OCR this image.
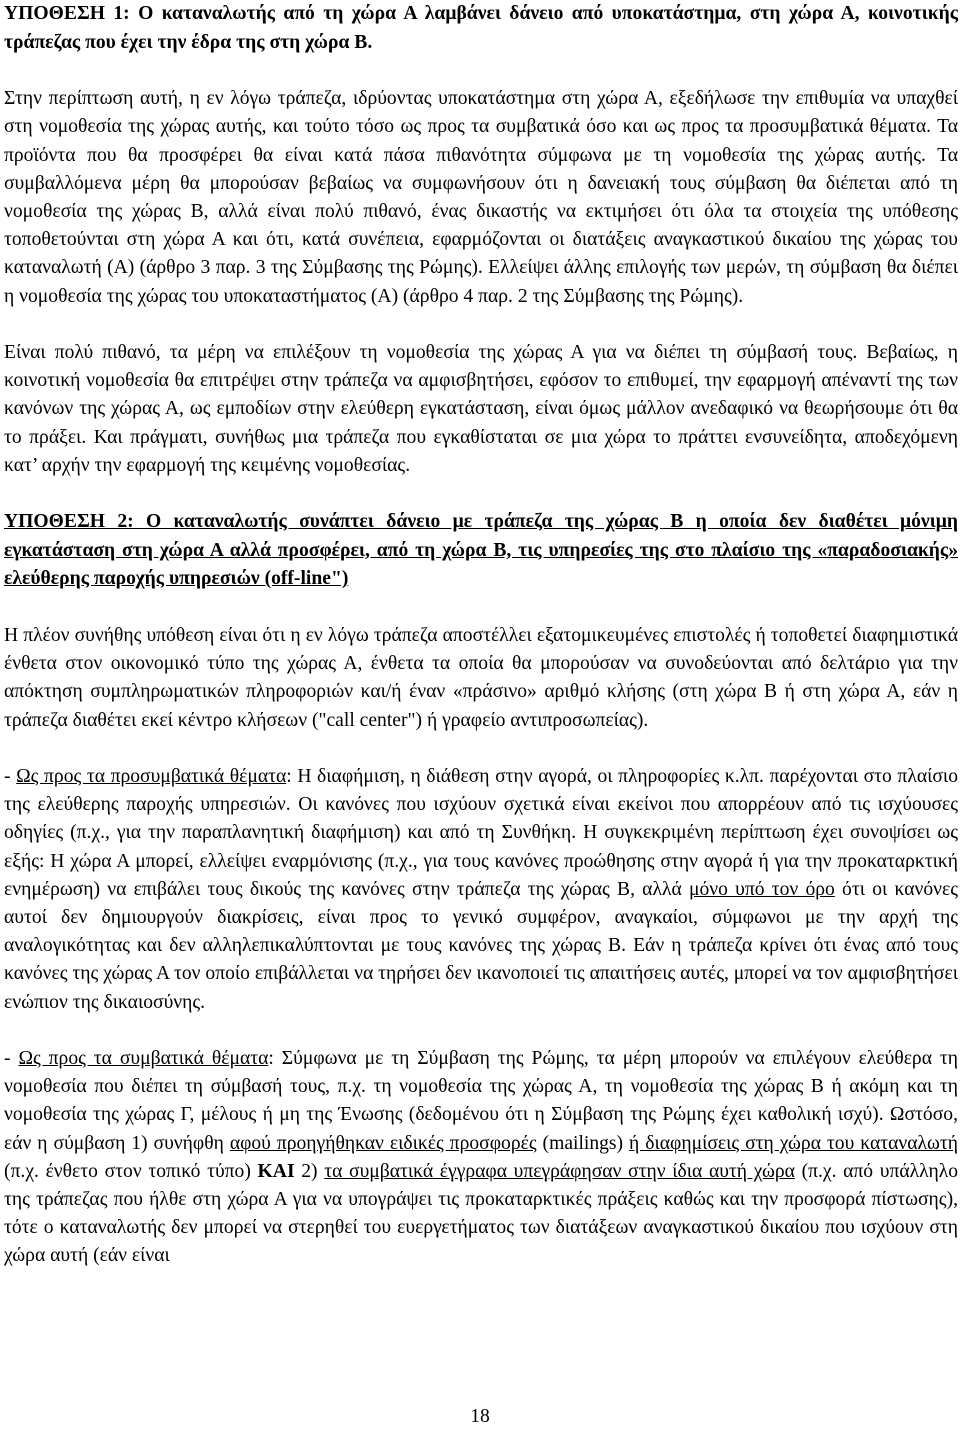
ΥΠΟΘΕΣΗ 1: Ο καταναλωτής από τη χώρα Α λαμβάνει δάνειο από υποκατάστημα, στη χώρα Α, κοινοτικής τράπεζας που έχει την έδρα της στη χώρα Β.

Στην περίπτωση αυτή, η εν λόγω τράπεζα, ιδρύοντας υποκατάστημα στη χώρα Α, εξεδήλωσε την επιθυμία να υπαχθεί στη νομοθεσία της χώρας αυτής, και τούτο τόσο ως προς τα συμβατικά όσο και ως προς τα προσυμβατικά θέματα. Τα προϊόντα που θα προσφέρει θα είναι κατά πάσα πιθανότητα σύμφωνα με τη νομοθεσία της χώρας αυτής. Τα συμβαλλόμενα μέρη θα μπορούσαν βεβαίως να συμφωνήσουν ότι η δανειακή τους σύμβαση θα διέπεται από τη νομοθεσία της χώρας Β, αλλά είναι πολύ πιθανό, ένας δικαστής να εκτιμήσει ότι όλα τα στοιχεία της υπόθεσης τοποθετούνται στη χώρα Α και ότι, κατά συνέπεια, εφαρμόζονται οι διατάξεις αναγκαστικού δικαίου της χώρας του καταναλωτή (Α) (άρθρο 3 παρ. 3 της Σύμβασης της Ρώμης). Ελλείψει άλλης επιλογής των μερών, τη σύμβαση θα διέπει η νομοθεσία της χώρας του υποκαταστήματος (Α) (άρθρο 4 παρ. 2 της Σύμβασης της Ρώμης).

Είναι πολύ πιθανό, τα μέρη να επιλέξουν τη νομοθεσία της χώρας Α για να διέπει τη σύμβασή τους. Βεβαίως, η κοινοτική νομοθεσία θα επιτρέψει στην τράπεζα να αμφισβητήσει, εφόσον το επιθυμεί, την εφαρμογή απέναντί της των κανόνων της χώρας Α, ως εμποδίων στην ελεύθερη εγκατάσταση, είναι όμως μάλλον ανεδαφικό να θεωρήσουμε ότι θα το πράξει. Και πράγματι, συνήθως μια τράπεζα που εγκαθίσταται σε μια χώρα το πράττει ενσυνείδητα, αποδεχόμενη κατ’ αρχήν την εφαρμογή της κειμένης νομοθεσίας.

ΥΠΟΘΕΣΗ 2: Ο καταναλωτής συνάπτει δάνειο με τράπεζα της χώρας Β η οποία δεν διαθέτει μόνιμη εγκατάσταση στη χώρα Α αλλά προσφέρει, από τη χώρα Β, τις υπηρεσίες της στο πλαίσιο της «παραδοσιακής» ελεύθερης παροχής υπηρεσιών (off-line")

Η πλέον συνήθης υπόθεση είναι ότι η εν λόγω τράπεζα αποστέλλει εξατομικευμένες επιστολές ή τοποθετεί διαφημιστικά ένθετα στον οικονομικό τύπο της χώρας Α, ένθετα τα οποία θα μπορούσαν να συνοδεύονται από δελτάριο για την απόκτηση συμπληρωματικών πληροφοριών και/ή έναν «πράσινο» αριθμό κλήσης (στη χώρα Β ή στη χώρα Α, εάν η τράπεζα διαθέτει εκεί κέντρο κλήσεων ("call center") ή γραφείο αντιπροσωπείας).

- Ως προς τα προσυμβατικά θέματα: Η διαφήμιση, η διάθεση στην αγορά, οι πληροφορίες κ.λπ. παρέχονται στο πλαίσιο της ελεύθερης παροχής υπηρεσιών. Οι κανόνες που ισχύουν σχετικά είναι εκείνοι που απορρέουν από τις ισχύουσες οδηγίες (π.χ., για την παραπλανητική διαφήμιση) και από τη Συνθήκη. Η συγκεκριμένη περίπτωση έχει συνοψίσει ως εξής: Η χώρα Α μπορεί, ελλείψει εναρμόνισης (π.χ., για τους κανόνες προώθησης στην αγορά ή για την προκαταρκτική ενημέρωση) να επιβάλει τους δικούς της κανόνες στην τράπεζα της χώρας Β, αλλά μόνο υπό τον όρο ότι οι κανόνες αυτοί δεν δημιουργούν διακρίσεις, είναι προς το γενικό συμφέρον, αναγκαίοι, σύμφωνοι με την αρχή της αναλογικότητας και δεν αλληλεπικαλύπτονται με τους κανόνες της χώρας Β. Εάν η τράπεζα κρίνει ότι ένας από τους κανόνες της χώρας Α τον οποίο επιβάλλεται να τηρήσει δεν ικανοποιεί τις απαιτήσεις αυτές, μπορεί να τον αμφισβητήσει ενώπιον της δικαιοσύνης.

- Ως προς τα συμβατικά θέματα: Σύμφωνα με τη Σύμβαση της Ρώμης, τα μέρη μπορούν να επιλέγουν ελεύθερα τη νομοθεσία που διέπει τη σύμβασή τους, π.χ. τη νομοθεσία της χώρας Α, τη νομοθεσία της χώρας Β ή ακόμη και τη νομοθεσία της χώρας Γ, μέλους ή μη της Ένωσης (δεδομένου ότι η Σύμβαση της Ρώμης έχει καθολική ισχύ). Ωστόσο, εάν η σύμβαση 1) συνήφθη αφού προηγήθηκαν ειδικές προσφορές (mailings) ή διαφημίσεις στη χώρα του καταναλωτή (π.χ. ένθετο στον τοπικό τύπο) ΚΑΙ 2) τα συμβατικά έγγραφα υπεγράφησαν στην ίδια αυτή χώρα (π.χ. από υπάλληλο της τράπεζας που ήλθε στη χώρα Α για να υπογράψει τις προκαταρκτικές πράξεις καθώς και την προσφορά πίστωσης), τότε ο καταναλωτής δεν μπορεί να στερηθεί του ευεργετήματος των διατάξεων αναγκαστικού δικαίου που ισχύουν στη χώρα αυτή (εάν είναι

18
